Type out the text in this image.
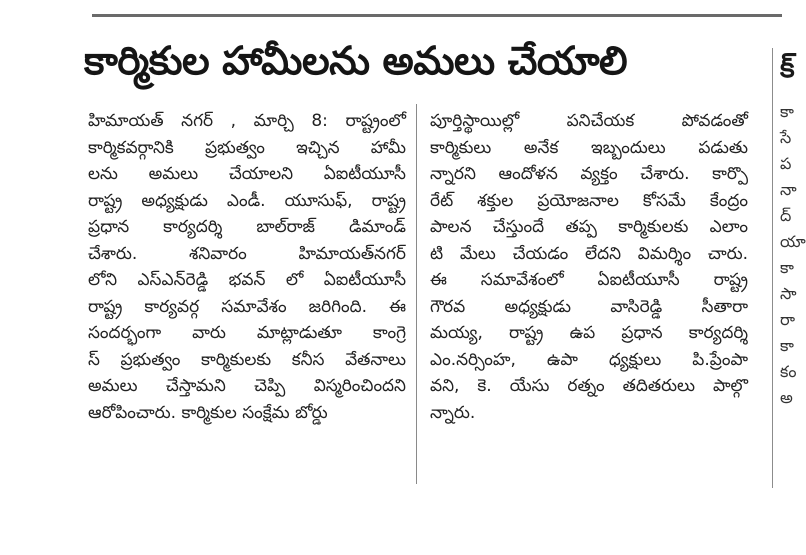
కార్మికుల హామీలను అమలు చేయాలి
హిమాయత్ నగర్ , మార్చి 8: రాష్ట్రంలో
కార్మికవర్గానికి ప్రభుత్వం ఇచ్చిన హామీ
లను అమలు చేయాలని ఏఐటీయూసీ
రాష్ట్ర అధ్యక్షుడు ఎండీ. యూసుఫ్, రాష్ట్ర
ప్రధాన కార్యదర్శి బాల్‌రాజ్ డిమాండ్
చేశారు. శనివారం హిమాయత్‌నగర్
లోని ఎస్ఎన్‌రెడ్డి భవన్ లో ఏఐటీయూసీ
రాష్ట్ర కార్యవర్గ సమావేశం జరిగింది. ఈ
సందర్భంగా వారు మాట్లాడుతూ కాంగ్రె
స్ ప్రభుత్వం కార్మికులకు కనీస వేతనాలు
అమలు చేస్తామని చెప్పి విస్మరించిందని
ఆరోపించారు. కార్మికుల సంక్షేమ బోర్డు
పూర్తిస్థాయిల్లో పనిచేయక పోవడంతో
కార్మికులు అనేక ఇబ్బందులు పడుతు
న్నారని ఆందోళన వ్యక్తం చేశారు. కార్పొ
రేట్ శక్తుల ప్రయోజనాల కోసమే కేంద్రం
పాలన చేస్తుందే తప్ప కార్మికులకు ఎలాం
టి మేలు చేయడం లేదని విమర్శిం చారు.
ఈ సమావేశంలో ఏఐటీయూసీ రాష్ట్ర
గౌరవ అధ్యక్షుడు వాసిరెడ్డి సీతారా
మయ్య, రాష్ట్ర ఉప ప్రధాన కార్యదర్శి
ఎం.నర్సింహ, ఉపా ధ్యక్షులు పి.ప్రేంపా
వని, కె. యేసు రత్నం తదితరులు పాల్గొ
న్నారు.
క్
కా
సే
ప
నా
ద్
యా
కా
సా
రా
కా
కం
అ
